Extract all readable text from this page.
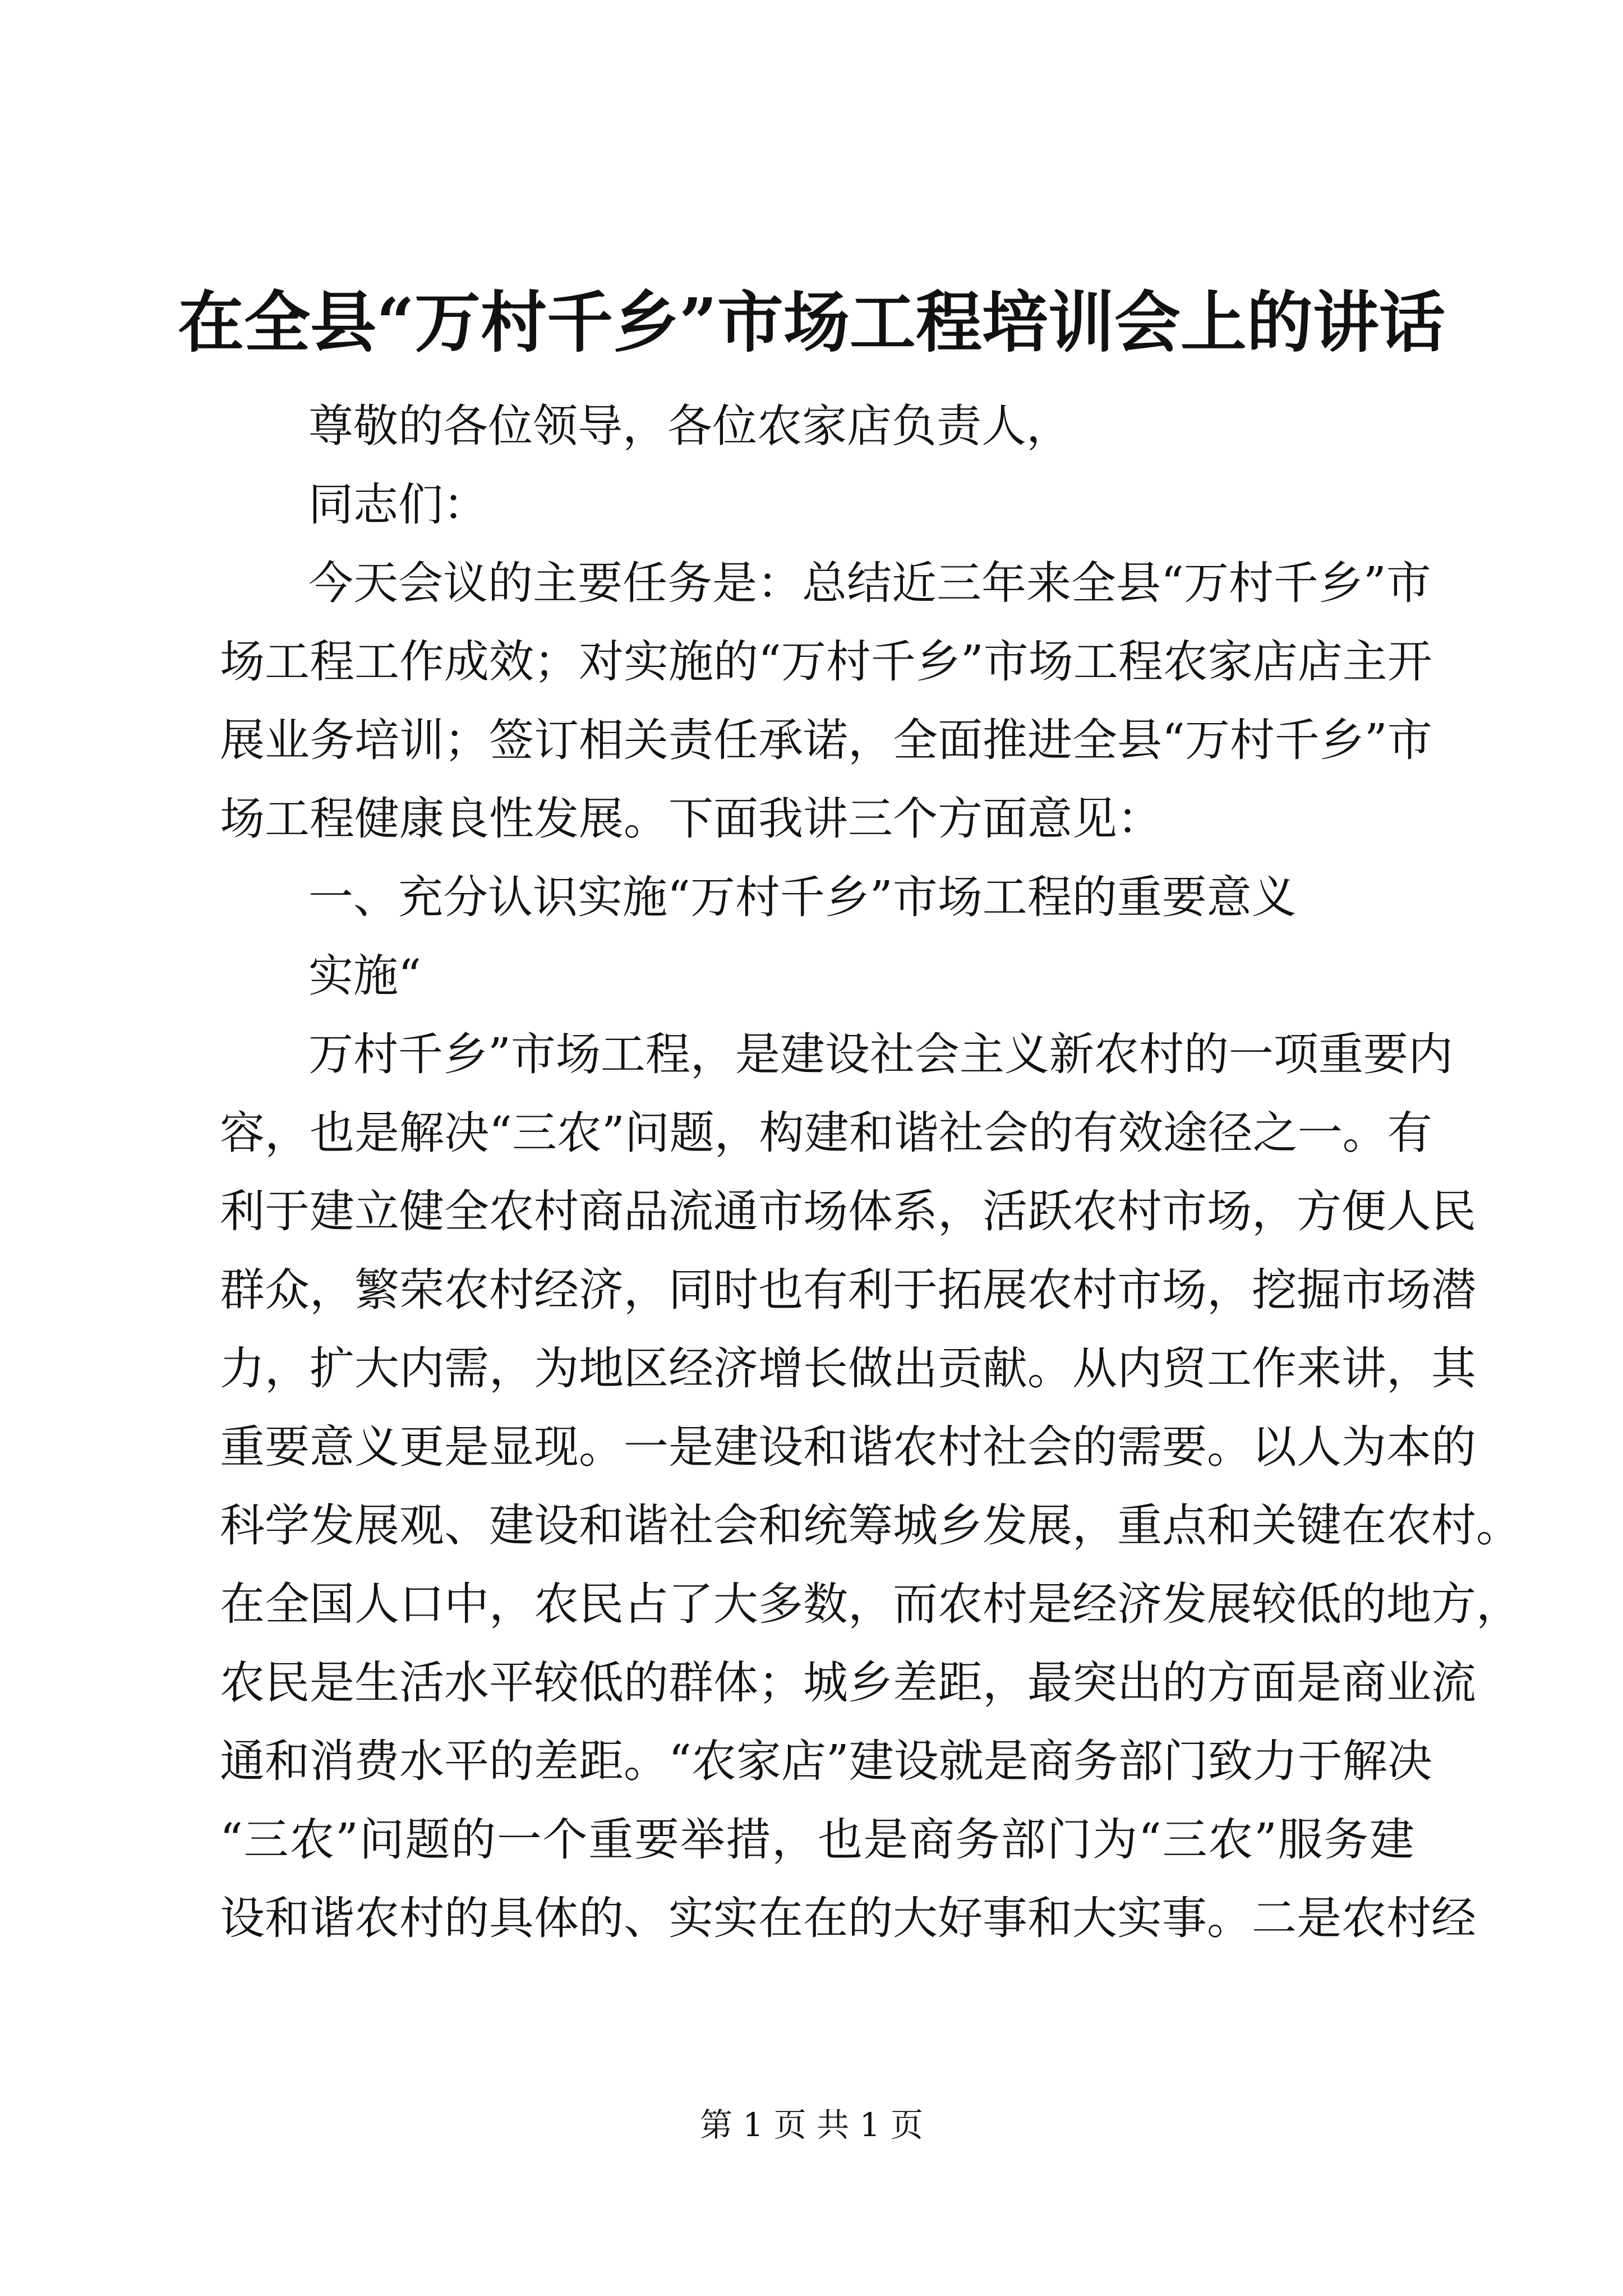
在全县“万村千乡”市场工程培训会上的讲话
尊敬的各位领导，各位农家店负责人，
同志们：
今天会议的主要任务是：总结近三年来全县“万村千乡”市
场工程工作成效；对实施的“万村千乡”市场工程农家店店主开
展业务培训；签订相关责任承诺，全面推进全县“万村千乡”市
场工程健康良性发展。下面我讲三个方面意见：
一、充分认识实施“万村千乡”市场工程的重要意义
实施“
万村千乡”市场工程，是建设社会主义新农村的一项重要内
容，也是解决“三农”问题，构建和谐社会的有效途径之一。有
利于建立健全农村商品流通市场体系，活跃农村市场，方便人民
群众，繁荣农村经济，同时也有利于拓展农村市场，挖掘市场潜
力，扩大内需，为地区经济增长做出贡献。从内贸工作来讲，其
重要意义更是显现。一是建设和谐农村社会的需要。以人为本的
科学发展观、建设和谐社会和统筹城乡发展，重点和关键在农村。
在全国人口中，农民占了大多数，而农村是经济发展较低的地方，
农民是生活水平较低的群体；城乡差距，最突出的方面是商业流
通和消费水平的差距。“农家店”建设就是商务部门致力于解决
“三农”问题的一个重要举措，也是商务部门为“三农”服务建
设和谐农村的具体的、实实在在的大好事和大实事。二是农村经
第 1 页 共 1 页
